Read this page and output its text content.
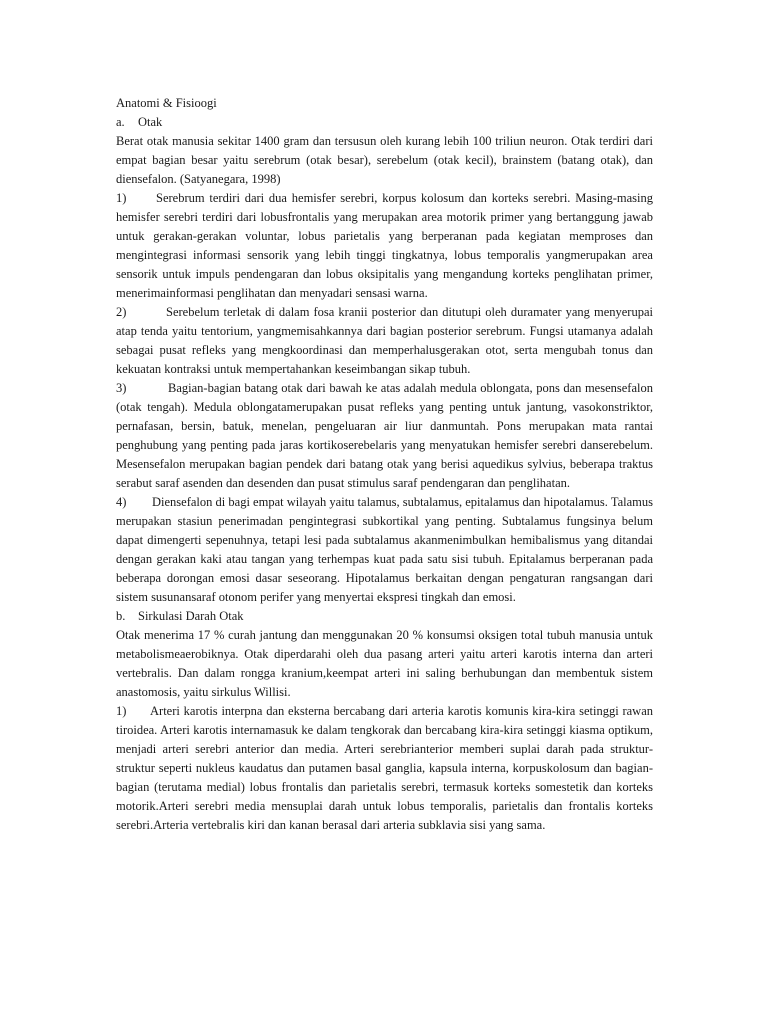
Anatomi & Fisioogi

a. Otak

Berat otak manusia sekitar 1400 gram dan tersusun oleh kurang lebih 100 triliun neuron. Otak terdiri dari empat bagian besar yaitu serebrum (otak besar), serebelum (otak kecil), brainstem (batang otak), dan diensefalon. (Satyanegara, 1998)

1) Serebrum terdiri dari dua hemisfer serebri, korpus kolosum dan korteks serebri. Masing-masing hemisfer serebri terdiri dari lobusfrontalis yang merupakan area motorik primer yang bertanggung jawab untuk gerakan-gerakan voluntar, lobus parietalis yang berperanan pada kegiatan memproses dan mengintegrasi informasi sensorik yang lebih tinggi tingkatnya, lobus temporalis yangmerupakan area sensorik untuk impuls pendengaran dan lobus oksipitalis yang mengandung korteks penglihatan primer, menerimainformasi penglihatan dan menyadari sensasi warna.

2)	Serebelum terletak di dalam fosa kranii posterior dan ditutupi oleh duramater yang menyerupai atap tenda yaitu tentorium, yangmemisahkannya dari bagian posterior serebrum. Fungsi utamanya adalah sebagai pusat refleks yang mengkoordinasi dan memperhalusgerakan otot, serta mengubah tonus dan kekuatan kontraksi untuk mempertahankan keseimbangan sikap tubuh.

3)	Bagian-bagian batang otak dari bawah ke atas adalah medula oblongata, pons dan mesensefalon (otak tengah). Medula oblongatamerupakan pusat refleks yang penting untuk jantung, vasokonstriktor, pernafasan, bersin, batuk, menelan, pengeluaran air liur danmuntah. Pons merupakan mata rantai penghubung yang penting pada jaras kortikoserebelaris yang menyatukan hemisfer serebri danserebelum. Mesensefalon merupakan bagian pendek dari batang otak yang berisi aquedikus sylvius, beberapa traktus serabut saraf asenden dan desenden dan pusat stimulus saraf pendengaran dan penglihatan.

4) Diensefalon di bagi empat wilayah yaitu talamus, subtalamus, epitalamus dan hipotalamus. Talamus merupakan stasiun penerimadan pengintegrasi subkortikal yang penting. Subtalamus fungsinya belum dapat dimengerti sepenuhnya, tetapi lesi pada subtalamus akanmenimbulkan hemibalismus yang ditandai dengan gerakan kaki atau tangan yang terhempas kuat pada satu sisi tubuh. Epitalamus berperanan pada beberapa dorongan emosi dasar seseorang. Hipotalamus berkaitan dengan pengaturan rangsangan dari sistem susunansaraf otonom perifer yang menyertai ekspresi tingkah dan emosi.

b. Sirkulasi Darah Otak

Otak menerima 17 % curah jantung dan menggunakan 20 % konsumsi oksigen total tubuh manusia untuk metabolismeaerobiknya. Otak diperdarahi oleh dua pasang arteri yaitu arteri karotis interna dan arteri vertebralis. Dan dalam rongga kranium,keempat arteri ini saling berhubungan dan membentuk sistem anastomosis, yaitu sirkulus Willisi.

1) Arteri karotis interpna dan eksterna bercabang dari arteria karotis komunis kira-kira setinggi rawan tiroidea. Arteri karotis internamasuk ke dalam tengkorak dan bercabang kira-kira setinggi kiasma optikum, menjadi arteri serebri anterior dan media. Arteri serebrianterior memberi suplai darah pada struktur-struktur seperti nukleus kaudatus dan putamen basal ganglia, kapsula interna, korpuskolosum dan bagian-bagian (terutama medial) lobus frontalis dan parietalis serebri, termasuk korteks somestetik dan korteks motorik.Arteri serebri media mensuplai darah untuk lobus temporalis, parietalis dan frontalis korteks serebri.Arteria vertebralis kiri dan kanan berasal dari arteria subklavia sisi yang sama.
